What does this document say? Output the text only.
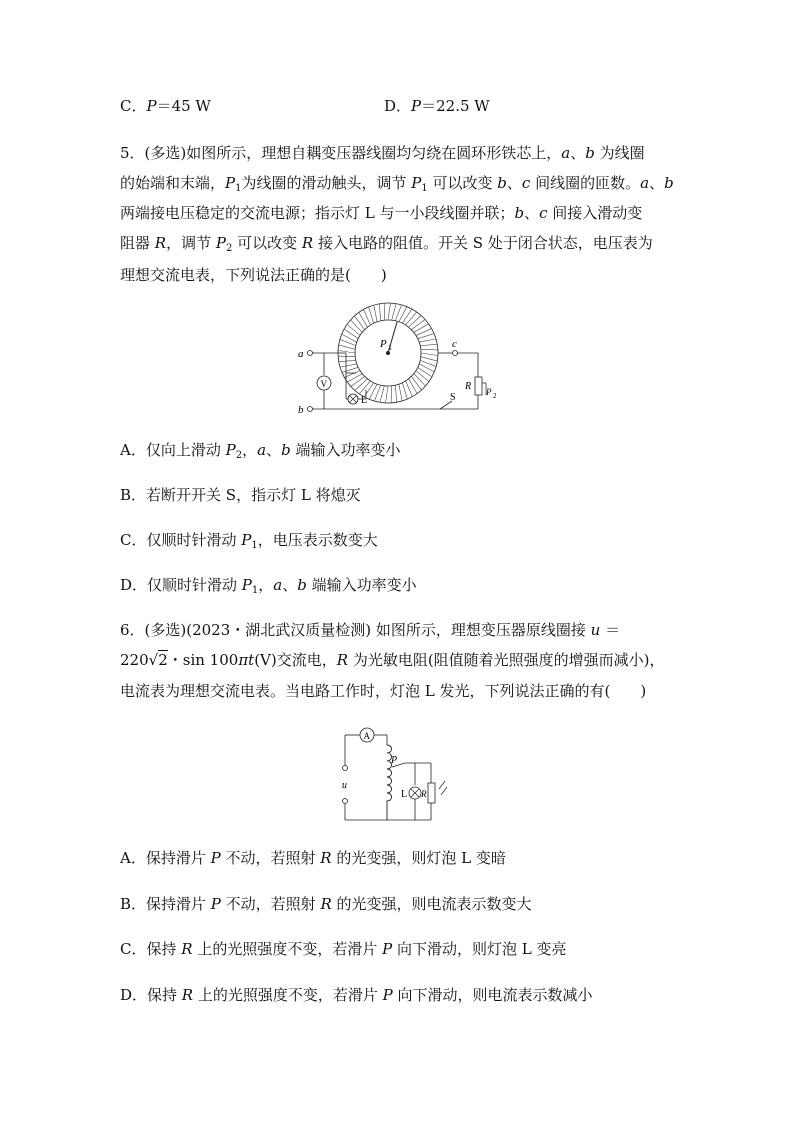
C．P＝45 W	D．P＝22.5 W
5．(多选)如图所示，理想自耦变压器线圈均匀绕在圆环形铁芯上，a、b 为线圈
的始端和末端，$P_1$为线圈的滑动触头，调节 $P_1$ 可以改变 b、c 间线圈的匝数。a、b
两端接电压稳定的交流电源；指示灯 L 与一小段线圈并联；b、c 间接入滑动变
阻器 R，调节 $P_2$ 可以改变 R 接入电路的阻值。开关 S 处于闭合状态，电压表为
理想交流电表，下列说法正确的是(　　)
P 1
a
b
V
L
c
R P 2
S
A．仅向上滑动 $P_2$，a、b 端输入功率变小
B．若断开开关 S，指示灯 L 将熄灭
C．仅顺时针滑动 $P_1$，电压表示数变大
D．仅顺时针滑动 $P_1$，a、b 端输入功率变小
6．(多选)(2023・湖北武汉质量检测) 如图所示，理想变压器原线圈接 u ＝
220√2・sin 100πt(V)交流电，R 为光敏电阻(阻值随着光照强度的增强而减小)，
电流表为理想交流电表。当电路工作时，灯泡 L 发光，下列说法正确的有(　　)
u
A
P
L R
A．保持滑片 P 不动，若照射 R 的光变强，则灯泡 L 变暗
B．保持滑片 P 不动，若照射 R 的光变强，则电流表示数变大
C．保持 R 上的光照强度不变，若滑片 P 向下滑动，则灯泡 L 变亮
D．保持 R 上的光照强度不变，若滑片 P 向下滑动，则电流表示数减小
